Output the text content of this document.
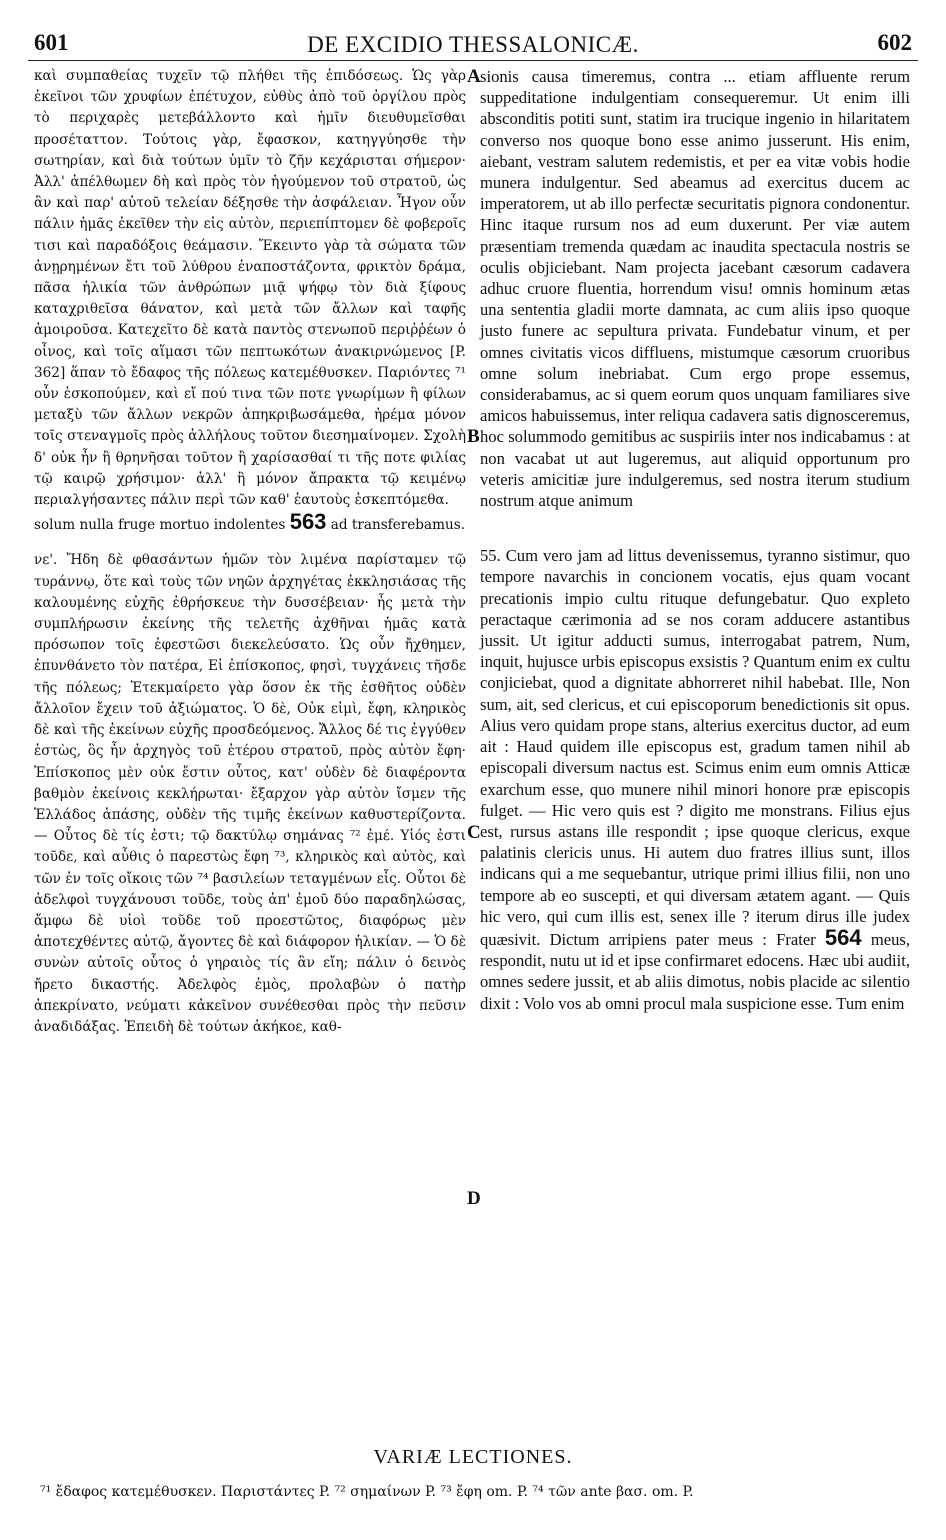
601	DE EXCIDIO THESSALONICÆ.	602

καὶ συμπαθείας τυχεῖν τῷ πλήθει τῆς ἐπιδόσεως. Ὡς γὰρ ἐκεῖνοι τῶν χρυφίων ἐπέτυχον, εὐθὺς ἀπὸ τοῦ ὀργίλου πρὸς τὸ περιχαρὲς μετεβάλλοντο καὶ ἡμῖν διευθυμεῖσθαι προσέταττον. Τούτοις γὰρ, ἔφασκον, κατηγγύησθε τὴν σωτηρίαν, καὶ διὰ τούτων ὑμῖν τὸ ζῆν κεχάρισται σήμερον· Ἀλλ' ἀπέλθωμεν δὴ καὶ πρὸς τὸν ἡγούμενον τοῦ στρατοῦ, ὡς ἂν καὶ παρ' αὐτοῦ τελείαν δέξησθε τὴν ἀσφάλειαν. Ἦγον οὖν πάλιν ἡμᾶς ἐκεῖθεν τὴν εἰς αὐτὸν, περιεπίπτομεν δὲ φοβεροῖς τισι καὶ παραδόξοις θεάμασιν. Ἔκειντο γὰρ τὰ σώματα τῶν ἀνῃρημένων ἔτι τοῦ λύθρου ἐναποστάζοντα, φρικτὸν δράμα, πᾶσα ἡλικία τῶν ἀνθρώπων μιᾷ ψήφῳ τὸν διὰ ξίφους καταχριθεῖσα θάνατον, καὶ μετὰ τῶν ἄλλων καὶ ταφῆς ἀμοιροῦσα. Κατεχεῖτο δὲ κατὰ παντὸς στενωποῦ περιῤῥέων ὁ οἶνος, καὶ τοῖς αἵμασι τῶν πεπτωκότων ἀνακιρνώμενος [P. 362] ἅπαν τὸ ἔδαφος τῆς πόλεως κατεμέθυσκεν. Παριόντες ⁷¹ οὖν ἐσκοπούμεν, καὶ εἴ πού τινα τῶν ποτε γνωρίμων ἢ φίλων μεταξὺ τῶν ἄλλων νεκρῶν ἀπηκριβωσάμεθα, ἠρέμα μόνον τοῖς στεναγμοῖς πρὸς ἀλλήλους τοῦτον διεσημαίνομεν. Σχολὴ δ' οὐκ ἦν ἢ θρηνῆσαι τοῦτον ἢ χαρίσασθαί τι τῆς ποτε φιλίας τῷ καιρῷ χρήσιμον· ἀλλ' ἢ μόνον ἄπρακτα τῷ κειμένῳ περιαλγήσαντες πάλιν περὶ τῶν καθ' ἑαυτοὺς ἐσκεπτόμεθα.

solum nulla fruge mortuo indolentes 563 ad transferebamus.

νε'. Ἤδη δὲ φθασάντων ἡμῶν τὸν λιμένα παρίσταμεν τῷ τυράννῳ, ὅτε καὶ τοὺς τῶν νηῶν ἀρχηγέτας ἐκκλησιάσας τῆς καλουμένης εὐχῆς ἐθρήσκευε τὴν δυσσέβειαν· ἧς μετὰ τὴν συμπλήρωσιν ἐκείνης τῆς τελετῆς ἀχθῆναι ἡμᾶς κατὰ πρόσωπον τοῖς ἐφεστῶσι διεκελεύσατο. Ὡς οὖν ἤχθημεν, ἐπυνθάνετο τὸν πατέρα, Εἰ ἐπίσκοπος, φησὶ, τυγχάνεις τῆσδε τῆς πόλεως; Ἐτεκμαίρετο γὰρ ὅσον ἐκ τῆς ἐσθῆτος οὐδὲν ἄλλοῖον ἔχειν τοῦ ἀξιώματος. Ὁ δὲ, Οὐκ εἰμὶ, ἔφη, κληρικὸς δὲ καὶ τῆς ἐκείνων εὐχῆς προσδεόμενος. Ἄλλος δέ τις ἐγγύθεν ἑστὼς, ὃς ἦν ἀρχηγὸς τοῦ ἑτέρου στρατοῦ, πρὸς αὐτὸν ἔφη· Ἐπίσκοπος μὲν οὐκ ἔστιν οὗτος, κατ' οὐδὲν δὲ διαφέροντα βαθμὸν ἐκείνοις κεκλήρωται· ἔξαρχον γὰρ αὐτὸν ἴσμεν τῆς Ἑλλάδος ἁπάσης, οὐδὲν τῆς τιμῆς ἐκείνων καθυστερίζοντα. — Οὗτος δὲ τίς ἐστι; τῷ δακτύλῳ σημάνας ⁷² ἐμέ. Υἱός ἐστι τοῦδε, καὶ αὖθις ὁ παρεστὼς ἔφη ⁷³, κληρικὸς καὶ αὐτὸς, καὶ τῶν ἐν τοῖς οἴκοις τῶν ⁷⁴ βασιλείων τεταγμένων εἷς. Οὗτοι δὲ ἀδελφοὶ τυγχάνουσι τοῦδε, τοὺς ἀπ' ἐμοῦ δύο παραδηλώσας, ἄμφω δὲ υἱοὶ τοῦδε τοῦ προεστῶτος, διαφόρως μὲν ἀποτεχθέντες αὐτῷ, ἄγοντες δὲ καὶ διάφορον ἡλικίαν. — Ὁ δὲ συνὼν αὐτοῖς οὗτος ὁ γηραιὸς τίς ἂν εἴη; πάλιν ὁ δεινὸς ἤρετο δικαστής. Ἀδελφὸς ἐμὸς, προλαβὼν ὁ πατὴρ ἀπεκρίνατο, νεύματι κἀκεῖνον συνέθεσθαι πρὸς τὴν πεῦσιν ἀναδιδάξας. Ἐπειδὴ δὲ τούτων ἀκήκοε, καθ-

A
B
C
D

sionis causa timeremus, contra ... etiam affluente rerum suppeditatione indulgentiam consequeremur. Ut enim illi absconditis potiti sunt, statim ira trucique ingenio in hilaritatem converso nos quoque bono esse animo jusserunt. His enim, aiebant, vestram salutem redemistis, et per ea vitæ vobis hodie munera indulgentur. Sed abeamus ad exercitus ducem ac imperatorem, ut ab illo perfectæ securitatis pignora condonentur. Hinc itaque rursum nos ad eum duxerunt. Per viæ autem præsentiam tremenda quædam ac inaudita spectacula nostris se oculis objiciebant. Nam projecta jacebant cæsorum cadavera adhuc cruore fluentia, horrendum visu! omnis hominum ætas una sententia gladii morte damnata, ac cum aliis ipso quoque justo funere ac sepultura privata. Fundebatur vinum, et per omnes civitatis vicos diffluens, mistumque cæsorum cruoribus omne solum inebriabat. Cum ergo prope essemus, considerabamus, ac si quem eorum quos unquam familiares sive amicos habuissemus, inter reliqua cadavera satis dignosceremus, hoc solummodo gemitibus ac suspiriis inter nos indicabamus : at non vacabat ut aut lugeremus, aut aliquid opportunum pro veteris amicitiæ jure indulgeremus, sed nostra iterum studium nostrum atque animum

55. Cum vero jam ad littus devenissemus, tyranno sistimur, quo tempore navarchis in concionem vocatis, ejus quam vocant precationis impio cultu rituque defungebatur. Quo expleto peractaque cærimonia ad se nos coram adducere astantibus jussit. Ut igitur adducti sumus, interrogabat patrem, Num, inquit, hujusce urbis episcopus exsistis ? Quantum enim ex cultu conjiciebat, quod a dignitate abhorreret nihil habebat. Ille, Non sum, ait, sed clericus, et cui episcoporum benedictionis sit opus. Alius vero quidam prope stans, alterius exercitus ductor, ad eum ait : Haud quidem ille episcopus est, gradum tamen nihil ab episcopali diversum nactus est. Scimus enim eum omnis Atticæ exarchum esse, quo munere nihil minori honore præ episcopis fulget. — Hic vero quis est ? digito me monstrans. Filius ejus est, rursus astans ille respondit ; ipse quoque clericus, exque palatinis clericis unus. Hi autem duo fratres illius sunt, illos indicans qui a me sequebantur, utrique primi illius filii, non uno tempore ab eo suscepti, et qui diversam ætatem agant. — Quis hic vero, qui cum illis est, senex ille ? iterum dirus ille judex quæsivit. Dictum arripiens pater meus : Frater 564 meus, respondit, nutu ut id et ipse confirmaret edocens. Hæc ubi audiit, omnes sedere jussit, et ab aliis dimotus, nobis placide ac silentio dixit : Volo vos ab omni procul mala suspicione esse. Tum enim

VARIÆ LECTIONES.
⁷¹ ἔδαφος κατεμέθυσκεν. Παριστάντες P. ⁷² σημαίνων P. ⁷³ ἔφη om. P. ⁷⁴ τῶν ante βασ. om. P.
